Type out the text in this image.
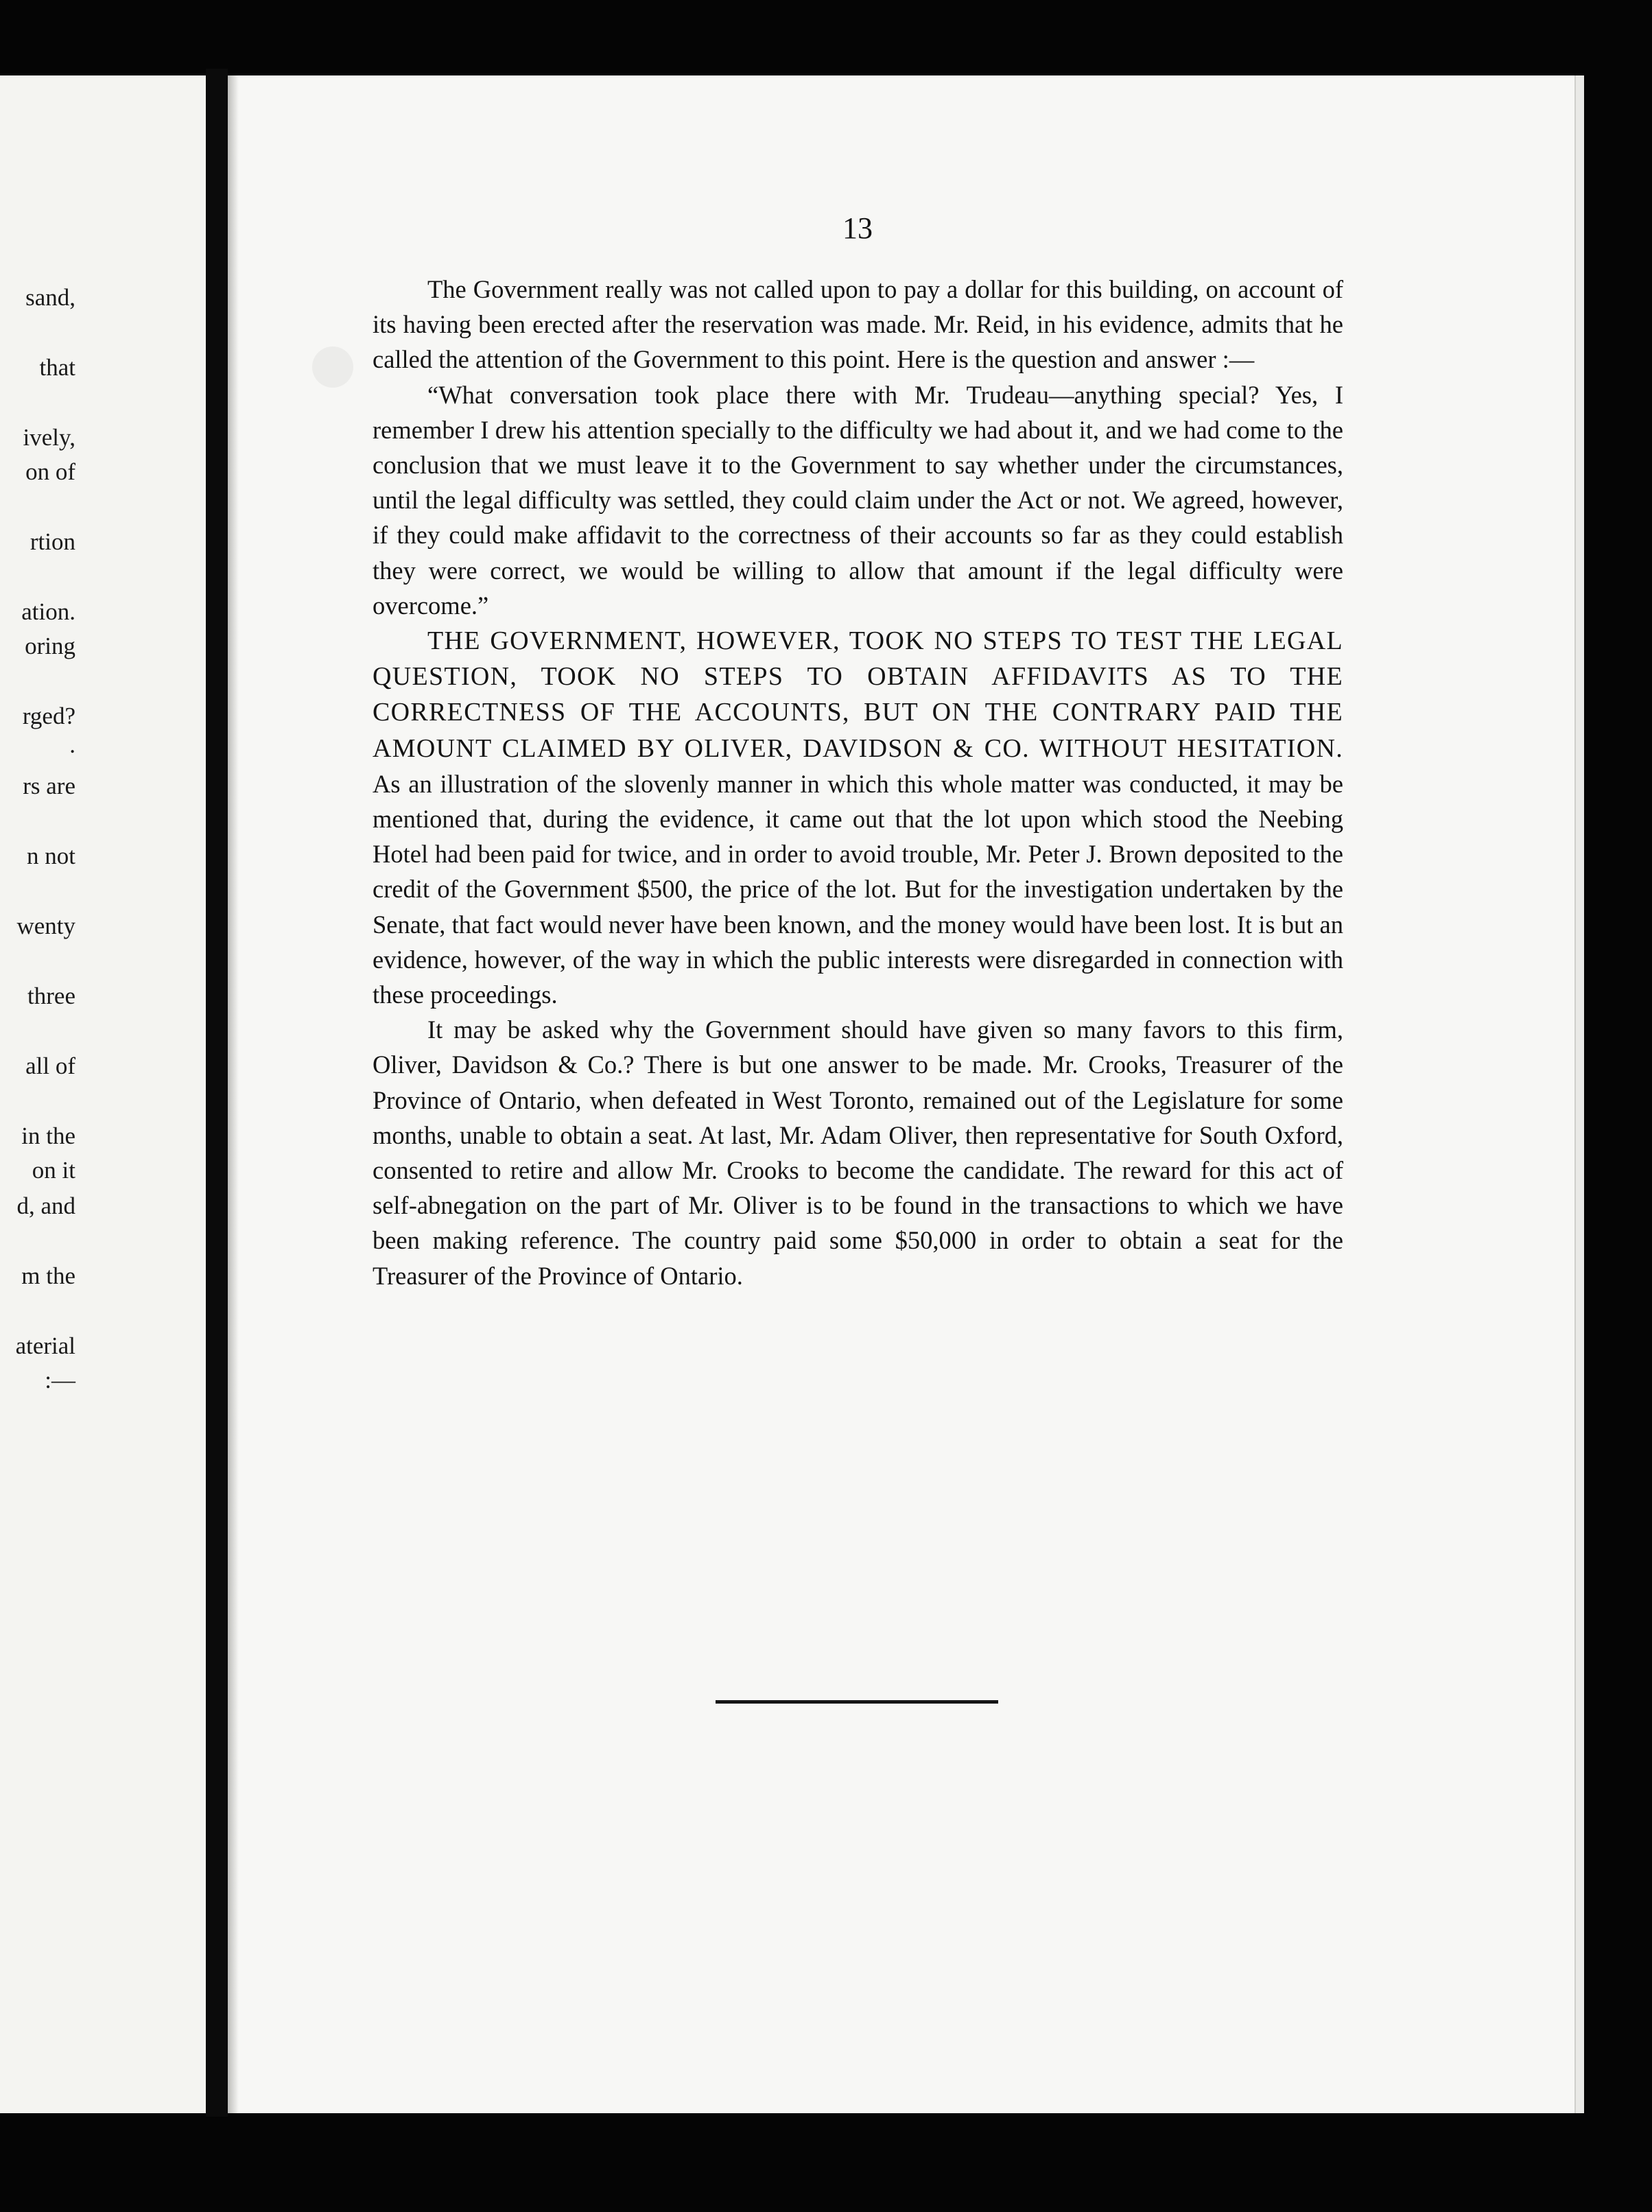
sand,
that
ively,
on of
rtion
ation.
oring
rged?
.
rs are
n not
wenty
three
all of
in the
on it
d, and
m the
aterial
:—
13

The Government really was not called upon to pay a dollar for this building, on account of its having been erected after the reservation was made. Mr. Reid, in his evidence, admits that he called the attention of the Government to this point. Here is the question and answer :—

“What conversation took place there with Mr. Trudeau—anything special? Yes, I remember I drew his attention specially to the difficulty we had about it, and we had come to the conclusion that we must leave it to the Government to say whether under the circumstances, until the legal difficulty was settled, they could claim under the Act or not. We agreed, however, if they could make affidavit to the correctness of their accounts so far as they could establish they were correct, we would be willing to allow that amount if the legal difficulty were overcome.”

THE GOVERNMENT, HOWEVER, TOOK NO STEPS TO TEST THE LEGAL QUESTION, TOOK NO STEPS TO OBTAIN AFFIDAVITS AS TO THE CORRECTNESS OF THE ACCOUNTS, BUT ON THE CONTRARY PAID THE AMOUNT CLAIMED BY OLIVER, DAVIDSON & CO. WITHOUT HESITATION. As an illustration of the slovenly manner in which this whole matter was conducted, it may be mentioned that, during the evidence, it came out that the lot upon which stood the Neebing Hotel had been paid for twice, and in order to avoid trouble, Mr. Peter J. Brown deposited to the credit of the Government $500, the price of the lot. But for the investigation undertaken by the Senate, that fact would never have been known, and the money would have been lost. It is but an evidence, however, of the way in which the public interests were disregarded in connection with these proceedings.

It may be asked why the Government should have given so many favors to this firm, Oliver, Davidson & Co.? There is but one answer to be made. Mr. Crooks, Treasurer of the Province of Ontario, when defeated in West Toronto, remained out of the Legislature for some months, unable to obtain a seat. At last, Mr. Adam Oliver, then representative for South Oxford, consented to retire and allow Mr. Crooks to become the candidate. The reward for this act of self-abnegation on the part of Mr. Oliver is to be found in the transactions to which we have been making reference. The country paid some $50,000 in order to obtain a seat for the Treasurer of the Province of Ontario.
